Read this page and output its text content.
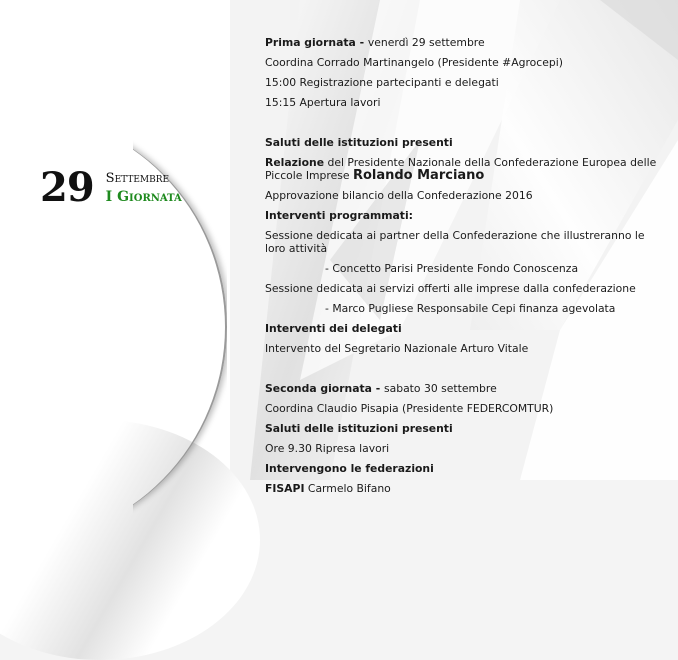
29 Settembre
I Giornata
Prima giornata - venerdì 29 settembre
Coordina Corrado Martinangelo (Presidente #Agrocepi)
15:00 Registrazione partecipanti e delegati
15:15 Apertura lavori
Saluti delle istituzioni presenti
Relazione del Presidente Nazionale della Confederazione Europea delle Piccole Imprese Rolando Marciano
Approvazione bilancio della Confederazione 2016
Interventi programmati:
Sessione dedicata ai partner della Confederazione che illustreranno le loro attività
- Concetto Parisi Presidente Fondo Conoscenza
Sessione dedicata ai servizi offerti alle imprese dalla confederazione
- Marco Pugliese Responsabile Cepi finanza agevolata
Interventi dei delegati
Intervento del Segretario Nazionale Arturo Vitale
Seconda giornata - sabato 30 settembre
Coordina Claudio Pisapia (Presidente FEDERCOMTUR)
Saluti delle istituzioni presenti
Ore 9.30 Ripresa lavori
Intervengono le federazioni
FISAPI Carmelo Bifano
